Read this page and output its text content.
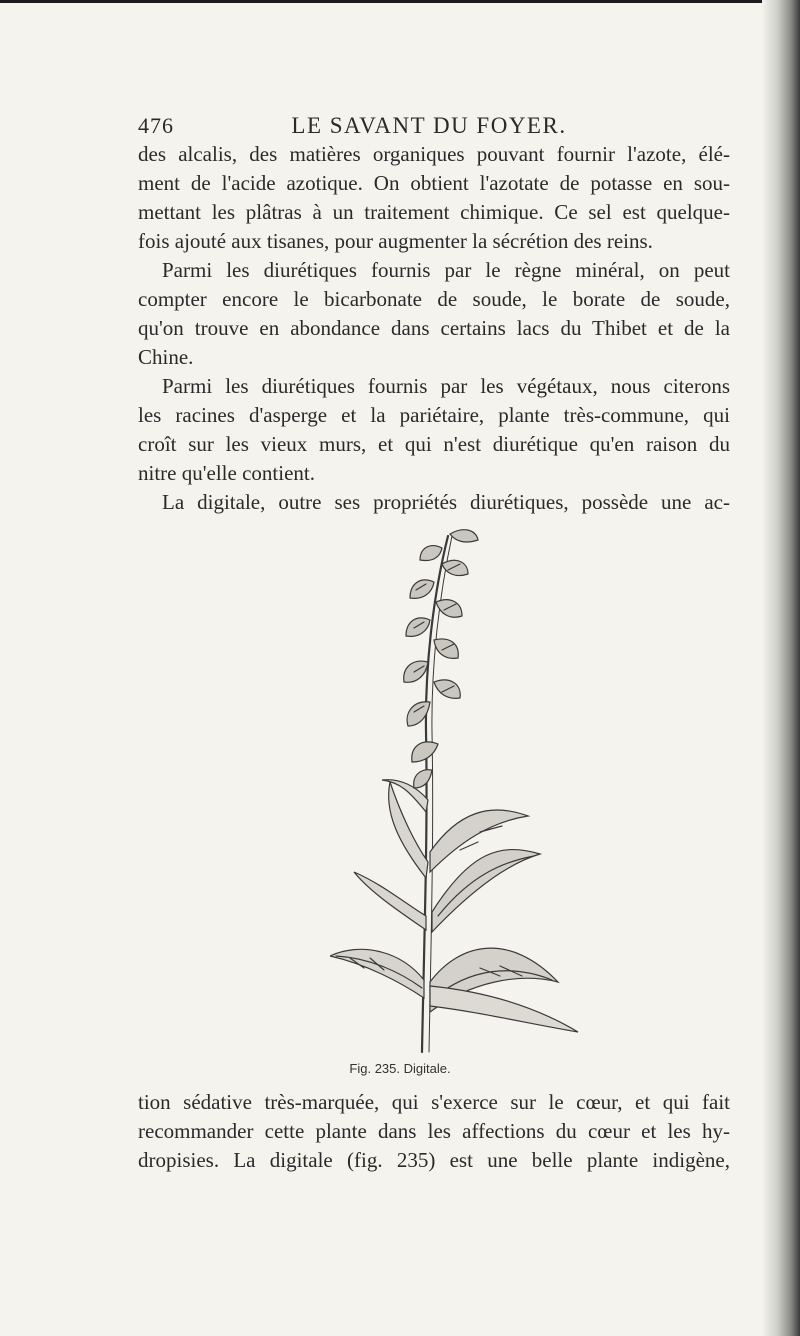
476	LE SAVANT DU FOYER.
des alcalis, des matières organiques pouvant fournir l'azote, élé-
ment de l'acide azotique. On obtient l'azotate de potasse en sou-
mettant les plâtras à un traitement chimique. Ce sel est quelque-
fois ajouté aux tisanes, pour augmenter la sécrétion des reins.
Parmi les diurétiques fournis par le règne minéral, on peut
compter encore le bicarbonate de soude, le borate de soude,
qu'on trouve en abondance dans certains lacs du Thibet et de la
Chine.
Parmi les diurétiques fournis par les végétaux, nous citerons
les racines d'asperge et la pariétaire, plante très-commune, qui
croît sur les vieux murs, et qui n'est diurétique qu'en raison du
nitre qu'elle contient.
La digitale, outre ses propriétés diurétiques, possède une ac-
Fig. 235. Digitale.
tion sédative très-marquée, qui s'exerce sur le cœur, et qui fait
recommander cette plante dans les affections du cœur et les hy-
dropisies. La digitale (fig. 235) est une belle plante indigène,
